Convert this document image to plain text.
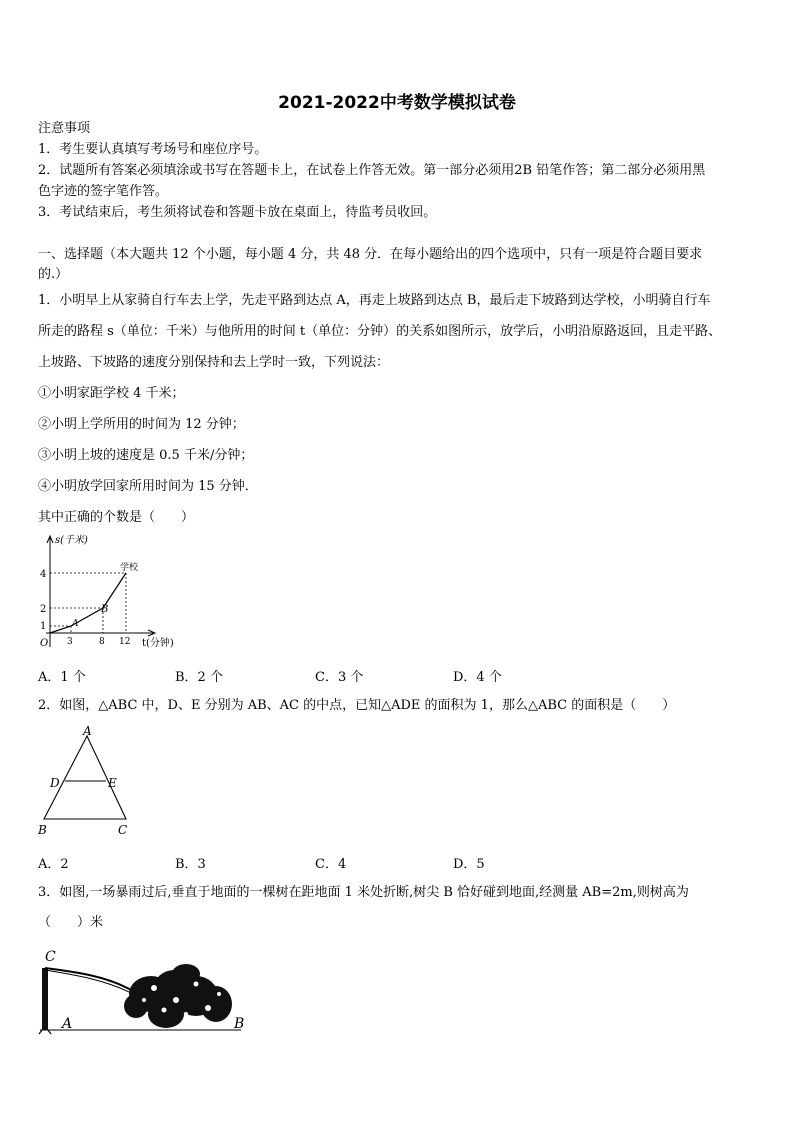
2021-2022中考数学模拟试卷
注意事项
1．考生要认真填写考场号和座位序号。
2．试题所有答案必须填涂或书写在答题卡上，在试卷上作答无效。第一部分必须用2B 铅笔作答；第二部分必须用黑
色字迹的签字笔作答。
3．考试结束后，考生须将试卷和答题卡放在桌面上，待监考员收回。
一、选择题（本大题共 12 个小题，每小题 4 分，共 48 分．在每小题给出的四个选项中，只有一项是符合题目要求
的.）
1．小明早上从家骑自行车去上学，先走平路到达点 A，再走上坡路到达点 B，最后走下坡路到达学校，小明骑自行车
所走的路程 s（单位：千米）与他所用的时间 t（单位：分钟）的关系如图所示，放学后，小明沿原路返回，且走平路、
上坡路、下坡路的速度分别保持和去上学时一致，下列说法：
①小明家距学校 4 千米；
②小明上学所用的时间为 12 分钟；
③小明上坡的速度是 0.5 千米/分钟；
④小明放学回家所用时间为 15 分钟．
其中正确的个数是（　　）
s(千米)
t(分钟)
O
1
2
4
3	8 12
A
B
学校
A．1 个	B．2 个	C．3 个	D．4 个
2．如图，△ABC 中，D、E 分别为 AB、AC 的中点，已知△ADE 的面积为 1，那么△ABC 的面积是（　　）
A
D	E
B	C
A．2	B．3	C．4	D．5
3．如图,一场暴雨过后,垂直于地面的一棵树在距地面 1 米处折断,树尖 B 恰好碰到地面,经测量 AB=2m,则树高为
（　　）米
C
A	B
